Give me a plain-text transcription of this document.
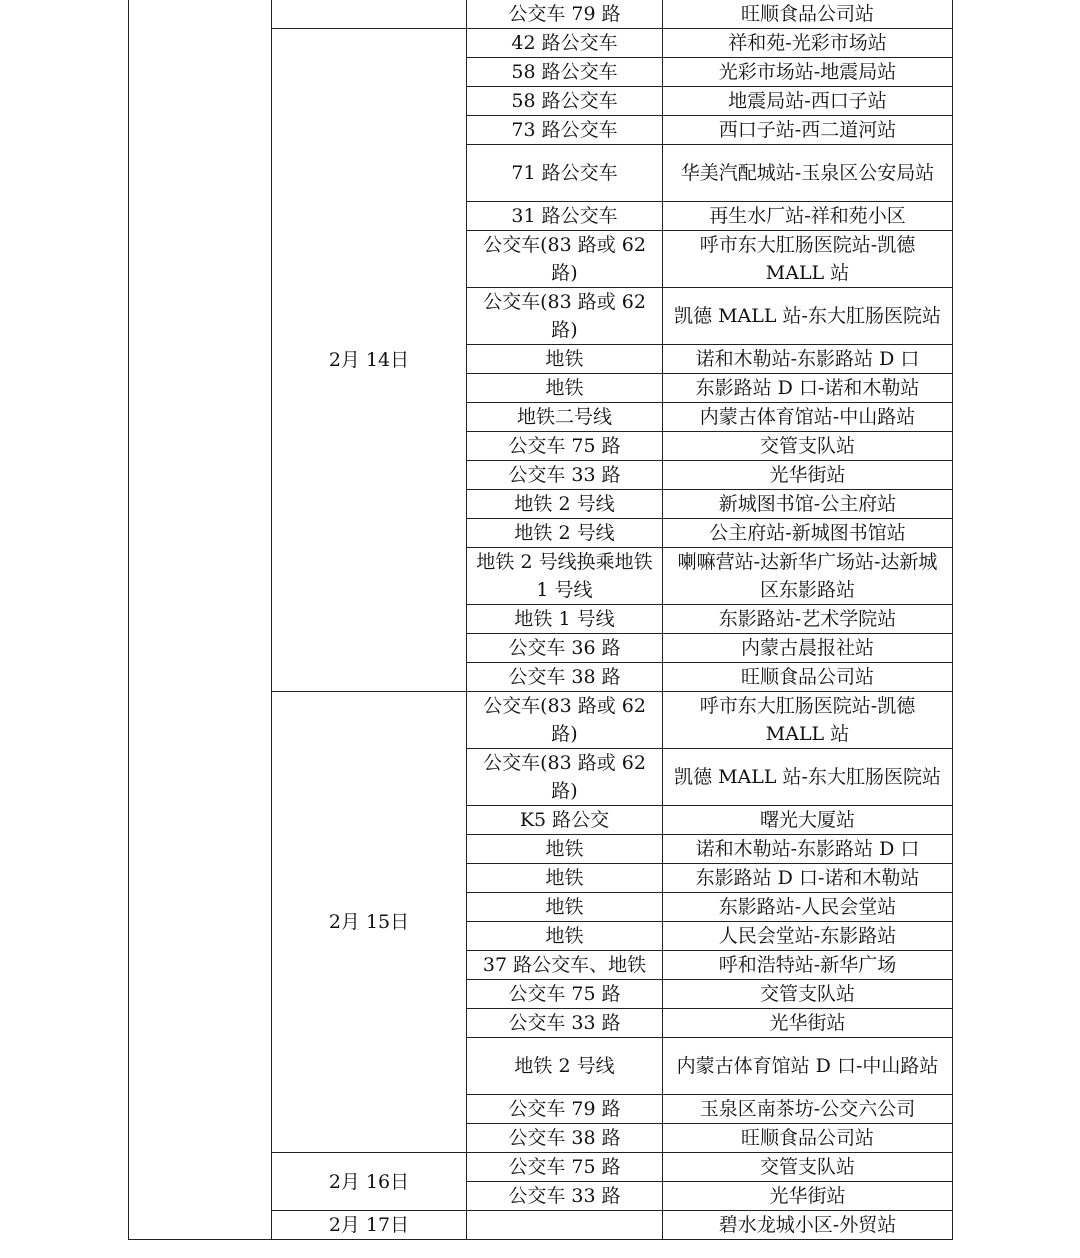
		公交车 79 路	旺顺食品公司站
	2月 14日	42 路公交车	祥和苑-光彩市场站
		58 路公交车	光彩市场站-地震局站
		58 路公交车	地震局站-西口子站
		73 路公交车	西口子站-西二道河站
		71 路公交车	华美汽配城站-玉泉区公安局站
		31 路公交车	再生水厂站-祥和苑小区
		公交车(83 路或 62 路)	呼市东大肛肠医院站-凯德 MALL 站
		公交车(83 路或 62 路)	凯德 MALL 站-东大肛肠医院站
		地铁	诺和木勒站-东影路站 D 口
		地铁	东影路站 D 口-诺和木勒站
		地铁二号线	内蒙古体育馆站-中山路站
		公交车 75 路	交管支队站
		公交车 33 路	光华街站
		地铁 2 号线	新城图书馆-公主府站
		地铁 2 号线	公主府站-新城图书馆站
		地铁 2 号线换乘地铁 1 号线	喇嘛营站-达新华广场站-达新城区东影路站
		地铁 1 号线	东影路站-艺术学院站
		公交车 36 路	内蒙古晨报社站
		公交车 38 路	旺顺食品公司站
	2月 15日	公交车(83 路或 62 路)	呼市东大肛肠医院站-凯德 MALL 站
		公交车(83 路或 62 路)	凯德 MALL 站-东大肛肠医院站
		K5 路公交	曙光大厦站
		地铁	诺和木勒站-东影路站 D 口
		地铁	东影路站 D 口-诺和木勒站
		地铁	东影路站-人民会堂站
		地铁	人民会堂站-东影路站
		37 路公交车、地铁	呼和浩特站-新华广场
		公交车 75 路	交管支队站
		公交车 33 路	光华街站
		地铁 2 号线	内蒙古体育馆站 D 口-中山路站
		公交车 79 路	玉泉区南茶坊-公交六公司
		公交车 38 路	旺顺食品公司站
	2月 16日	公交车 75 路	交管支队站
		公交车 33 路	光华街站
	2月 17日		碧水龙城小区-外贸站
